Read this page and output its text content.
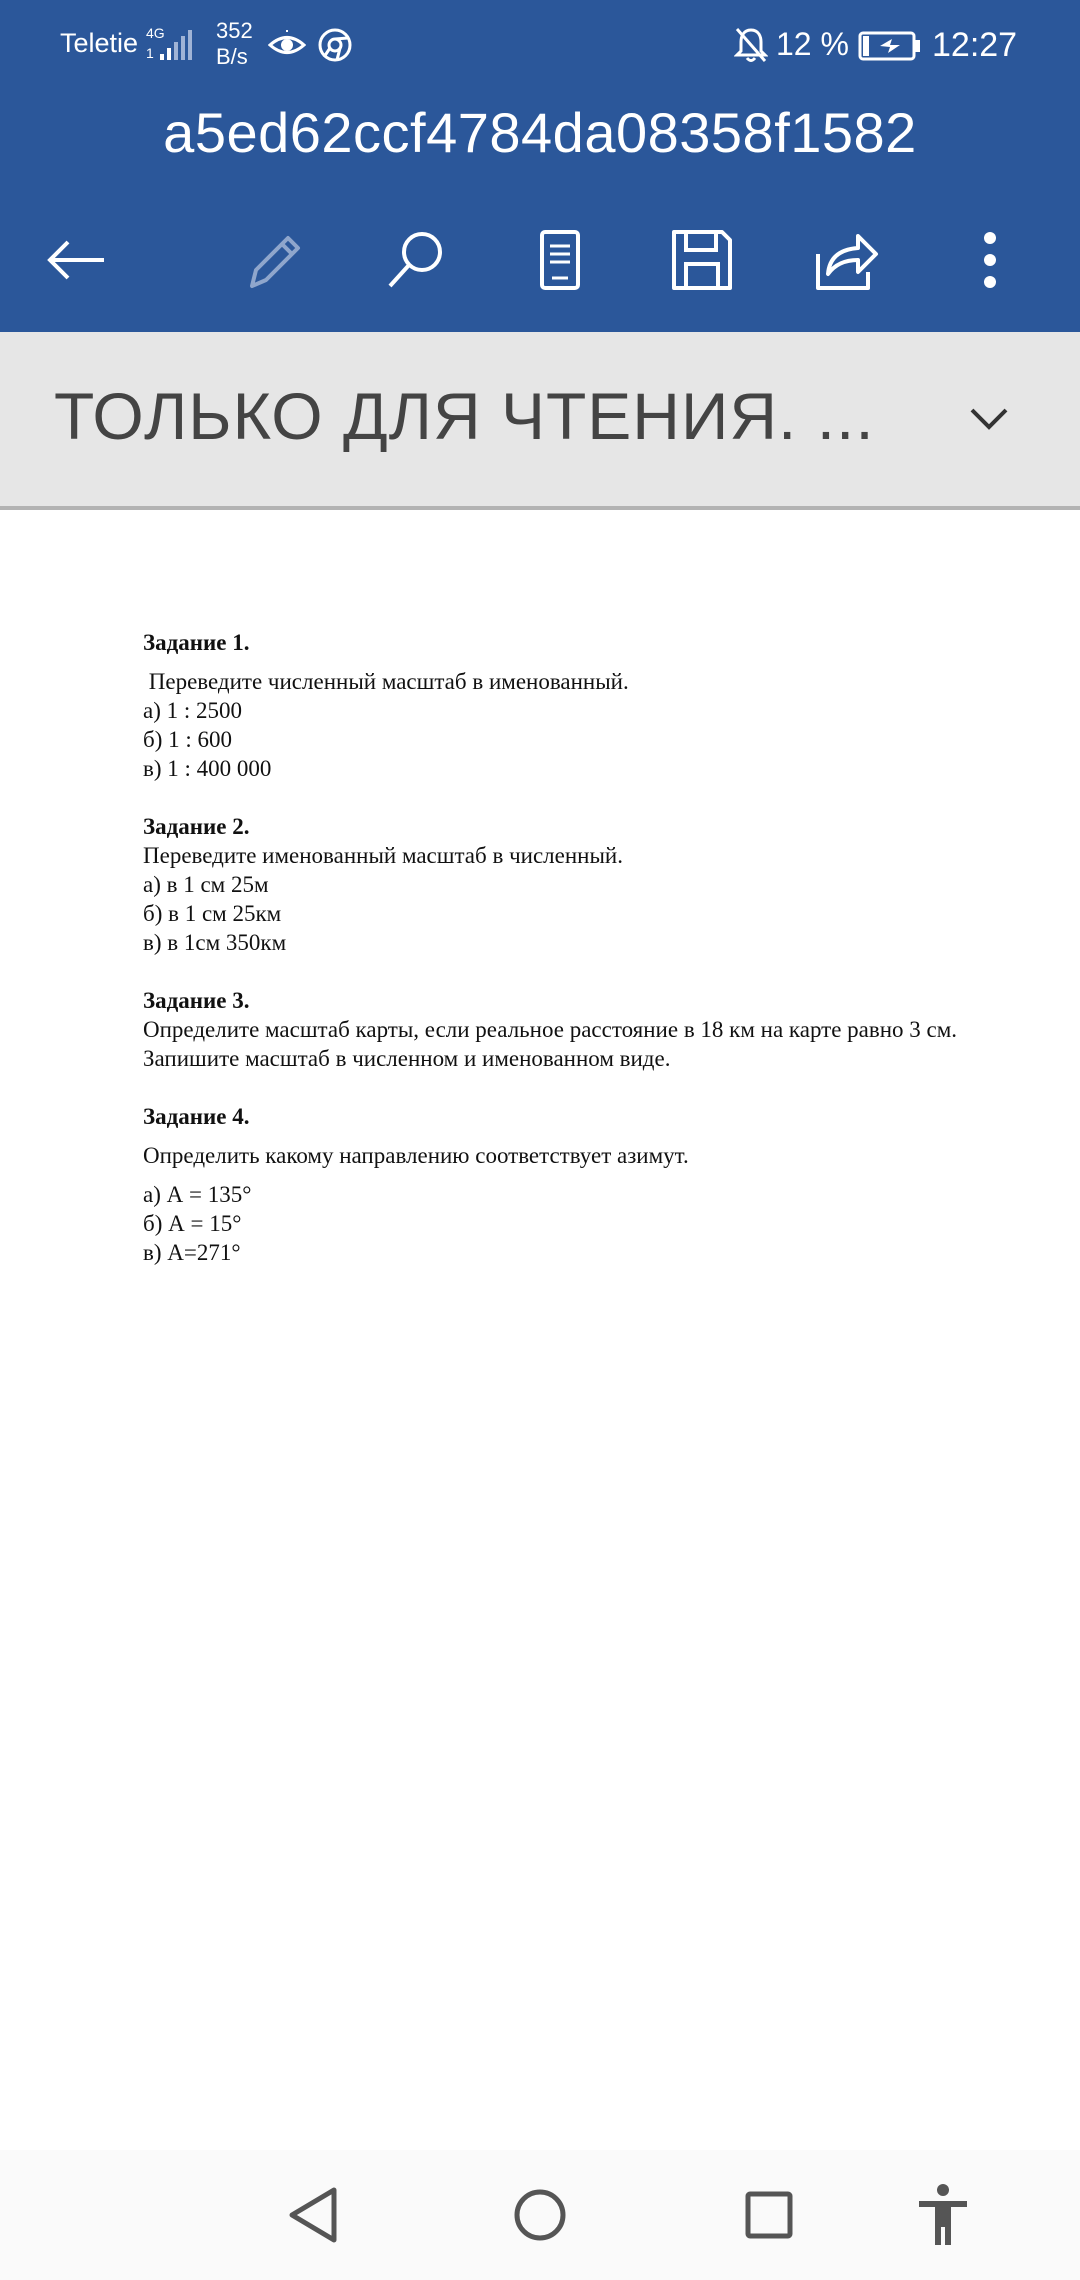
Teletie 4G
1
352
B/s	12 % 12:27
a5ed62ccf4784da08358f1582
ТОЛЬКО ДЛЯ ЧТЕНИЯ. ...
Задание 1.
Переведите численный масштаб в именованный.
а) 1 : 2500
б) 1 : 600
в) 1 : 400 000
Задание 2.
Переведите именованный масштаб в численный.
а) в 1 см 25м
б) в 1 см 25км
в) в 1см 350км
Задание 3.
Определите масштаб карты, если реальное расстояние в 18 км на карте равно 3 см.
Запишите масштаб в численном и именованном виде.
Задание 4.
Определить какому направлению соответствует азимут.
а) А = 135°
б) А = 15°
в) А=271°
